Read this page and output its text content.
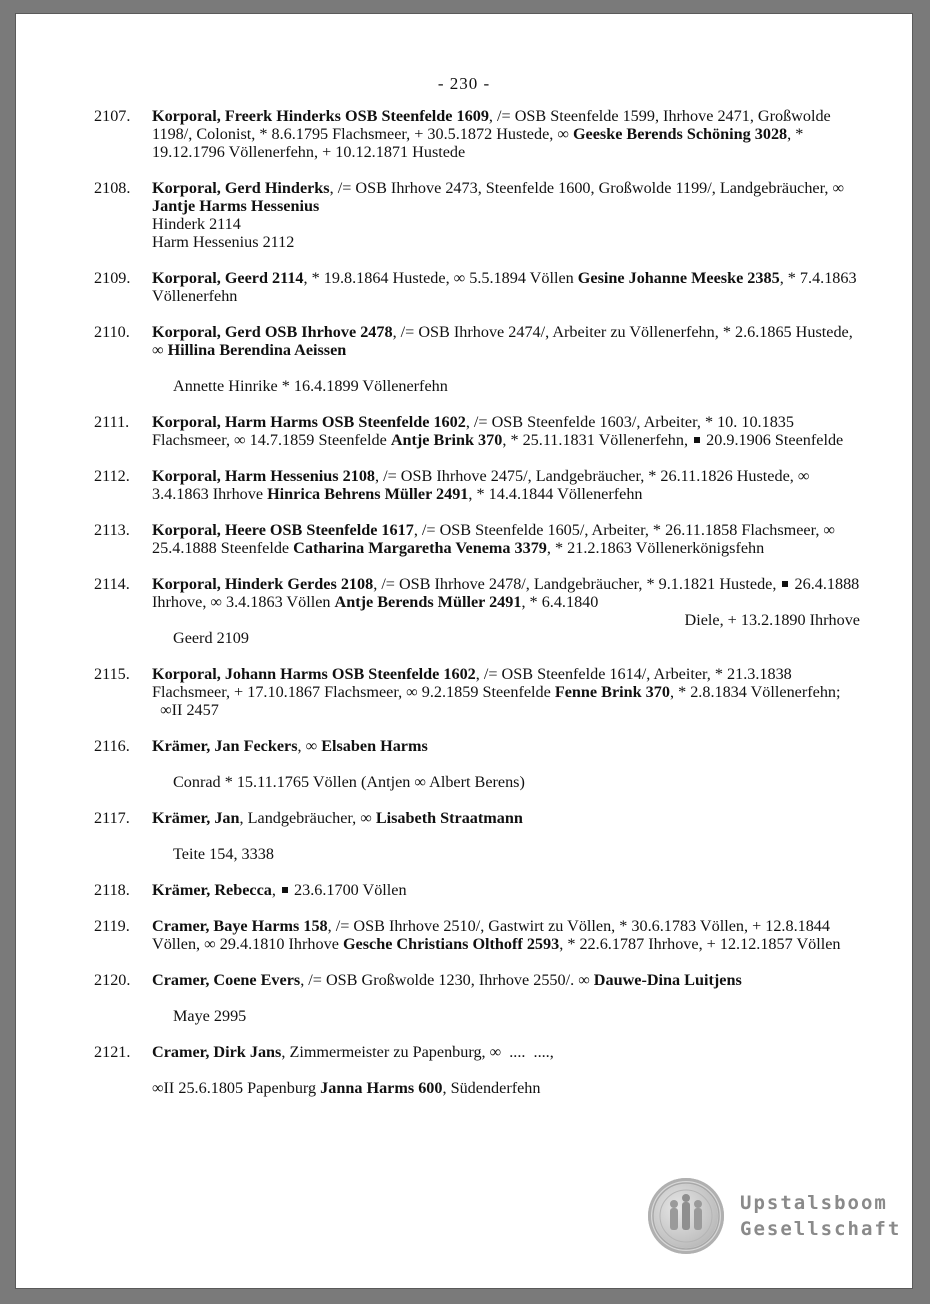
- 230 -
2107.	Korporal, Freerk Hinderks OSB Steenfelde 1609, /= OSB Steenfelde 1599, Ihrhove 2471, Großwolde 1198/, Colonist, * 8.6.1795 Flachsmeer, + 30.5.1872 Hustede, ∞ Geeske Berends Schöning 3028, * 19.12.1796 Völlenerfehn, + 10.12.1871 Hustede
2108.	Korporal, Gerd Hinderks, /= OSB Ihrhove 2473, Steenfelde 1600, Großwolde 1199/, Landgebräucher, ∞ Jantje Harms Hessenius
Hinderk 2114
Harm Hessenius 2112
2109.	Korporal, Geerd 2114, * 19.8.1864 Hustede, ∞ 5.5.1894 Völlen Gesine Johanne Meeske 2385, * 7.4.1863 Völlenerfehn
2110.	Korporal, Gerd OSB Ihrhove 2478, /= OSB Ihrhove 2474/, Arbeiter zu Völlenerfehn, * 2.6.1865 Hustede, ∞ Hillina Berendina Aeissen
Annette Hinrike * 16.4.1899 Völlenerfehn
2111.	Korporal, Harm Harms OSB Steenfelde 1602, /= OSB Steenfelde 1603/, Arbeiter, * 10. 10.1835 Flachsmeer, ∞ 14.7.1859 Steenfelde Antje Brink 370, * 25.11.1831 Völlenerfehn,  20.9.1906 Steenfelde
2112.	Korporal, Harm Hessenius 2108, /= OSB Ihrhove 2475/, Landgebräucher, * 26.11.1826 Hustede, ∞ 3.4.1863 Ihrhove Hinrica Behrens Müller 2491, * 14.4.1844 Völlenerfehn
2113.	Korporal, Heere OSB Steenfelde 1617, /= OSB Steenfelde 1605/, Arbeiter, * 26.11.1858 Flachsmeer, ∞ 25.4.1888 Steenfelde Catharina Margaretha Venema 3379, * 21.2.1863 Völlenerkönigsfehn
2114.	Korporal, Hinderk Gerdes 2108, /= OSB Ihrhove 2478/, Landgebräucher, * 9.1.1821 Hustede,  26.4.1888 Ihrhove, ∞ 3.4.1863 Völlen Antje Berends Müller 2491, * 6.4.1840
Diele, + 13.2.1890 Ihrhove
Geerd 2109
2115.	Korporal, Johann Harms OSB Steenfelde 1602, /= OSB Steenfelde 1614/, Arbeiter, * 21.3.1838 Flachsmeer, + 17.10.1867 Flachsmeer, ∞ 9.2.1859 Steenfelde Fenne Brink 370, * 2.8.1834 Völlenerfehn;   ∞II 2457
2116.	Krämer, Jan Feckers, ∞ Elsaben Harms
Conrad * 15.11.1765 Völlen (Antjen ∞ Albert Berens)
2117.	Krämer, Jan, Landgebräucher, ∞ Lisabeth Straatmann
Teite 154, 3338
2118.	Krämer, Rebecca,  23.6.1700 Völlen
2119.	Cramer, Baye Harms 158, /= OSB Ihrhove 2510/, Gastwirt zu Völlen, * 30.6.1783 Völlen, + 12.8.1844 Völlen, ∞ 29.4.1810 Ihrhove Gesche Christians Olthoff 2593, * 22.6.1787 Ihrhove, + 12.12.1857 Völlen
2120.	Cramer, Coene Evers, /= OSB Großwolde 1230, Ihrhove 2550/. ∞ Dauwe-Dina Luitjens
Maye 2995
2121.	Cramer, Dirk Jans, Zimmermeister zu Papenburg, ∞  ....  ....,
∞II 25.6.1805 Papenburg Janna Harms 600, Südenderfehn
Upstalsboom
Gesellschaft
